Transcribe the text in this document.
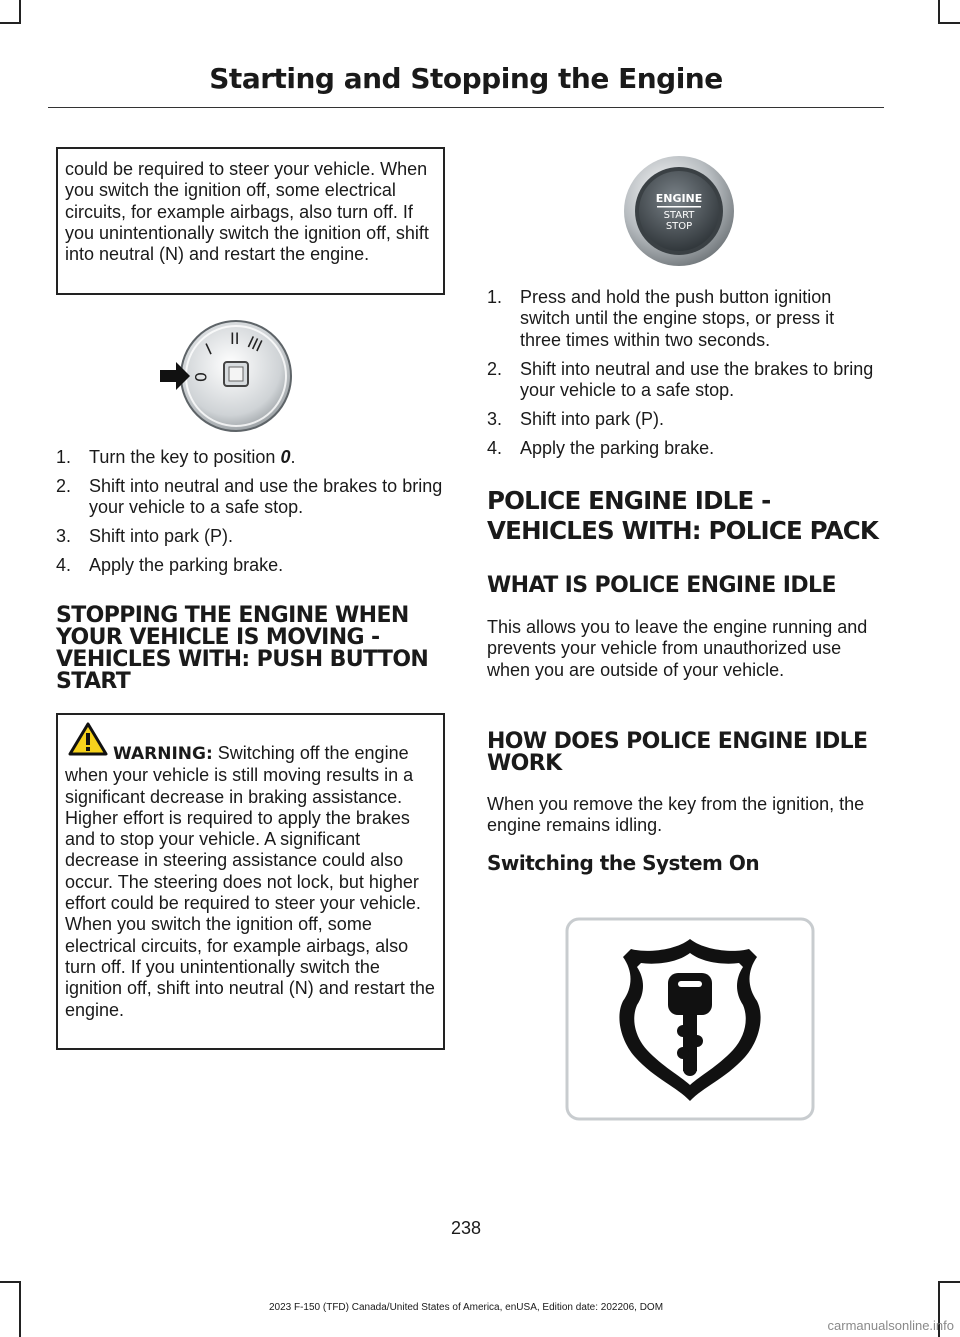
Starting and Stopping the Engine

could be required to steer your vehicle. When you switch the ignition off, some electrical circuits, for example airbags, also turn off. If you unintentionally switch the ignition off, shift into neutral (N) and restart the engine.

I
II III
0
1. Turn the key to position 0.
2. Shift into neutral and use the brakes to bring your vehicle to a safe stop.
3. Shift into park (P).
4. Apply the parking brake.
STOPPING THE ENGINE WHEN YOUR VEHICLE IS MOVING - VEHICLES WITH: PUSH BUTTON START

WARNING: Switching off the engine when your vehicle is still moving results in a significant decrease in braking assistance. Higher effort is required to apply the brakes and to stop your vehicle. A significant decrease in steering assistance could also occur. The steering does not lock, but higher effort could be required to steer your vehicle. When you switch the ignition off, some electrical circuits, for example airbags, also turn off. If you unintentionally switch the ignition off, shift into neutral (N) and restart the engine.

ENGINE
START
STOP
1. Press and hold the push button ignition switch until the engine stops, or press it three times within two seconds.
2. Shift into neutral and use the brakes to bring your vehicle to a safe stop.
3. Shift into park (P).
4. Apply the parking brake.
POLICE ENGINE IDLE -
VEHICLES WITH: POLICE PACK
WHAT IS POLICE ENGINE IDLE

This allows you to leave the engine running and prevents your vehicle from unauthorized use when you are outside of your vehicle.

HOW DOES POLICE ENGINE IDLE WORK

When you remove the key from the ignition, the engine remains idling.

Switching the System On
238
2023 F-150 (TFD) Canada/United States of America, enUSA, Edition date: 202206, DOM
carmanualsonline.info
